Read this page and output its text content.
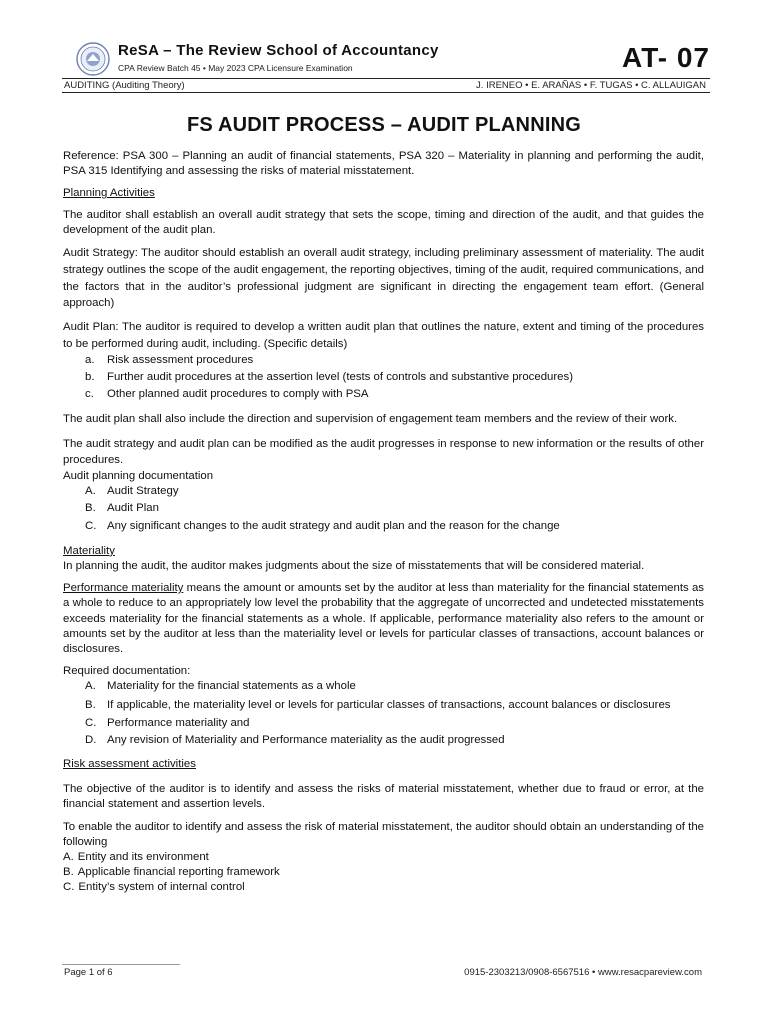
ReSA – The Review School of Accountancy
CPA Review Batch 45 • May 2023 CPA Licensure Examination	AT- 07
AUDITING (Auditing Theory)	J. IRENEO • E. ARAÑAS • F. TUGAS • C. ALLAUIGAN
FS AUDIT PROCESS – AUDIT PLANNING

Reference: PSA 300 – Planning an audit of financial statements, PSA 320 – Materiality in planning and performing the audit, PSA 315 Identifying and assessing the risks of material misstatement.

Planning Activities

The auditor shall establish an overall audit strategy that sets the scope, timing and direction of the audit, and that guides the development of the audit plan.

Audit Strategy: The auditor should establish an overall audit strategy, including preliminary assessment of materiality. The audit strategy outlines the scope of the audit engagement, the reporting objectives, timing of the audit, required communications, and the factors that in the auditor’s professional judgment are significant in directing the engagement team effort. (General approach)

Audit Plan: The auditor is required to develop a written audit plan that outlines the nature, extent and timing of the procedures to be performed during audit, including. (Specific details)

a. Risk assessment procedures
b. Further audit procedures at the assertion level (tests of controls and substantive procedures)
c. Other planned audit procedures to comply with PSA

The audit plan shall also include the direction and supervision of engagement team members and the review of their work.

The audit strategy and audit plan can be modified as the audit progresses in response to new information or the results of other procedures.

Audit planning documentation
A. Audit Strategy
B. Audit Plan
C. Any significant changes to the audit strategy and audit plan and the reason for the change
Materiality

In planning the audit, the auditor makes judgments about the size of misstatements that will be considered material.

Performance materiality means the amount or amounts set by the auditor at less than materiality for the financial statements as a whole to reduce to an appropriately low level the probability that the aggregate of uncorrected and undetected misstatements exceeds materiality for the financial statements as a whole. If applicable, performance materiality also refers to the amount or amounts set by the auditor at less than the materiality level or levels for particular classes of transactions, account balances or disclosures.

Required documentation:
A. Materiality for the financial statements as a whole
B. If applicable, the materiality level or levels for particular classes of transactions, account balances or disclosures
C. Performance materiality and
D. Any revision of Materiality and Performance materiality as the audit progressed
Risk assessment activities

The objective of the auditor is to identify and assess the risks of material misstatement, whether due to fraud or error, at the financial statement and assertion levels.

To enable the auditor to identify and assess the risk of material misstatement, the auditor should obtain an understanding of the following

A. Entity and its environment
B. Applicable financial reporting framework
C. Entity’s system of internal control
Page 1 of 6	0915-2303213/0908-6567516 • www.resacpareview.com
